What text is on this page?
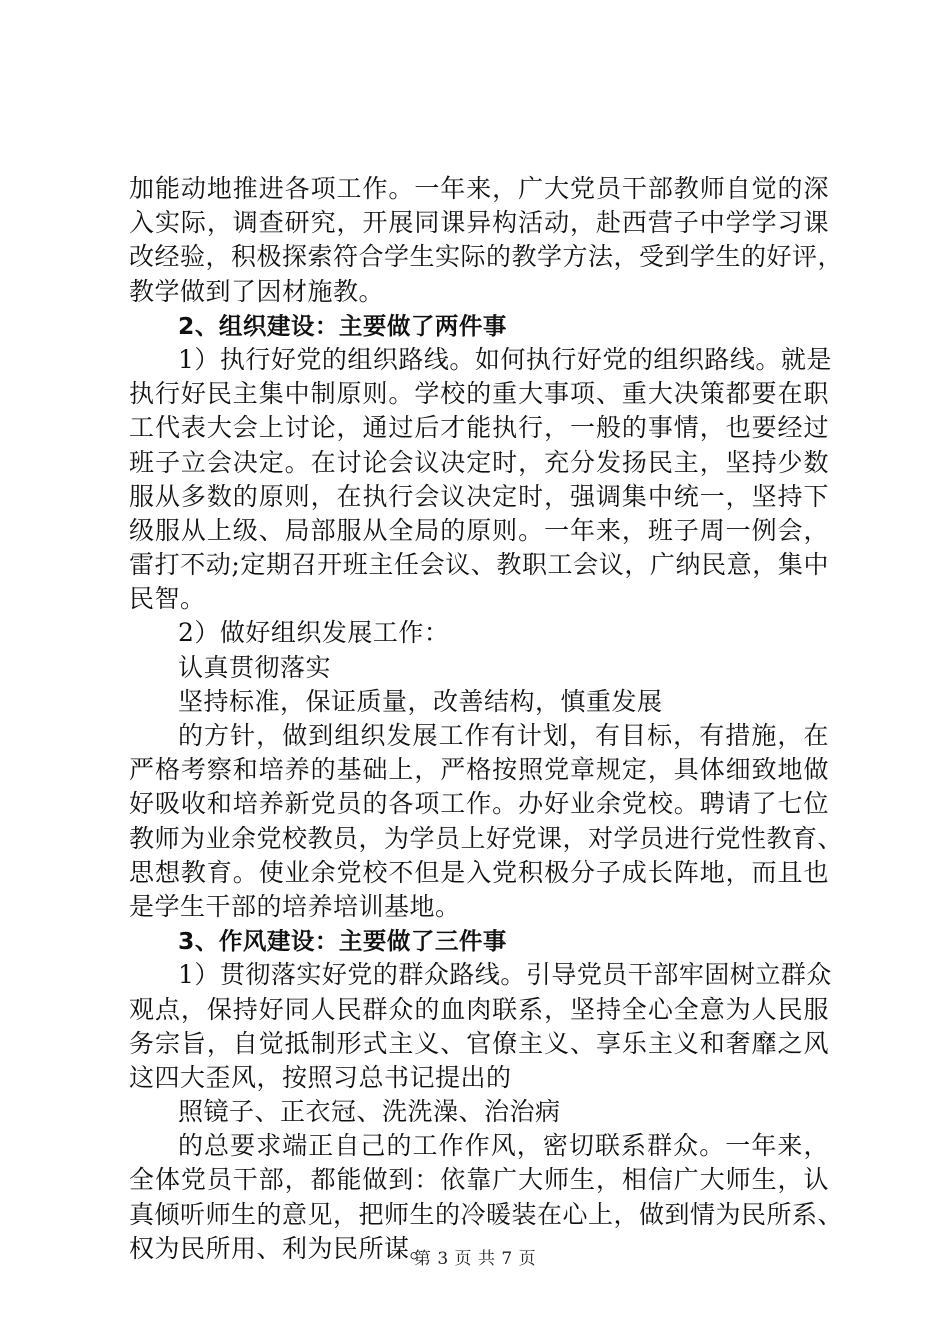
加能动地推进各项工作。一年来，广大党员干部教师自觉的深
入实际，调查研究，开展同课异构活动，赴西营子中学学习课
改经验，积极探索符合学生实际的教学方法，受到学生的好评，
教学做到了因材施教。
2、组织建设：主要做了两件事
1）执行好党的组织路线。如何执行好党的组织路线。就是
执行好民主集中制原则。学校的重大事项、重大决策都要在职
工代表大会上讨论，通过后才能执行，一般的事情，也要经过
班子立会决定。在讨论会议决定时，充分发扬民主，坚持少数
服从多数的原则，在执行会议决定时，强调集中统一，坚持下
级服从上级、局部服从全局的原则。一年来，班子周一例会，
雷打不动;定期召开班主任会议、教职工会议，广纳民意，集中
民智。
2）做好组织发展工作：
认真贯彻落实
坚持标准，保证质量，改善结构，慎重发展
的方针，做到组织发展工作有计划，有目标，有措施，在
严格考察和培养的基础上，严格按照党章规定，具体细致地做
好吸收和培养新党员的各项工作。办好业余党校。聘请了七位
教师为业余党校教员，为学员上好党课，对学员进行党性教育、
思想教育。使业余党校不但是入党积极分子成长阵地，而且也
是学生干部的培养培训基地。
3、作风建设：主要做了三件事
1）贯彻落实好党的群众路线。引导党员干部牢固树立群众
观点，保持好同人民群众的血肉联系，坚持全心全意为人民服
务宗旨，自觉抵制形式主义、官僚主义、享乐主义和奢靡之风
这四大歪风，按照习总书记提出的
照镜子、正衣冠、洗洗澡、治治病
的总要求端正自己的工作作风，密切联系群众。一年来，
全体党员干部，都能做到：依靠广大师生，相信广大师生，认
真倾听师生的意见，把师生的冷暖装在心上，做到情为民所系、
权为民所用、利为民所谋。
第 3 页 共 7 页
